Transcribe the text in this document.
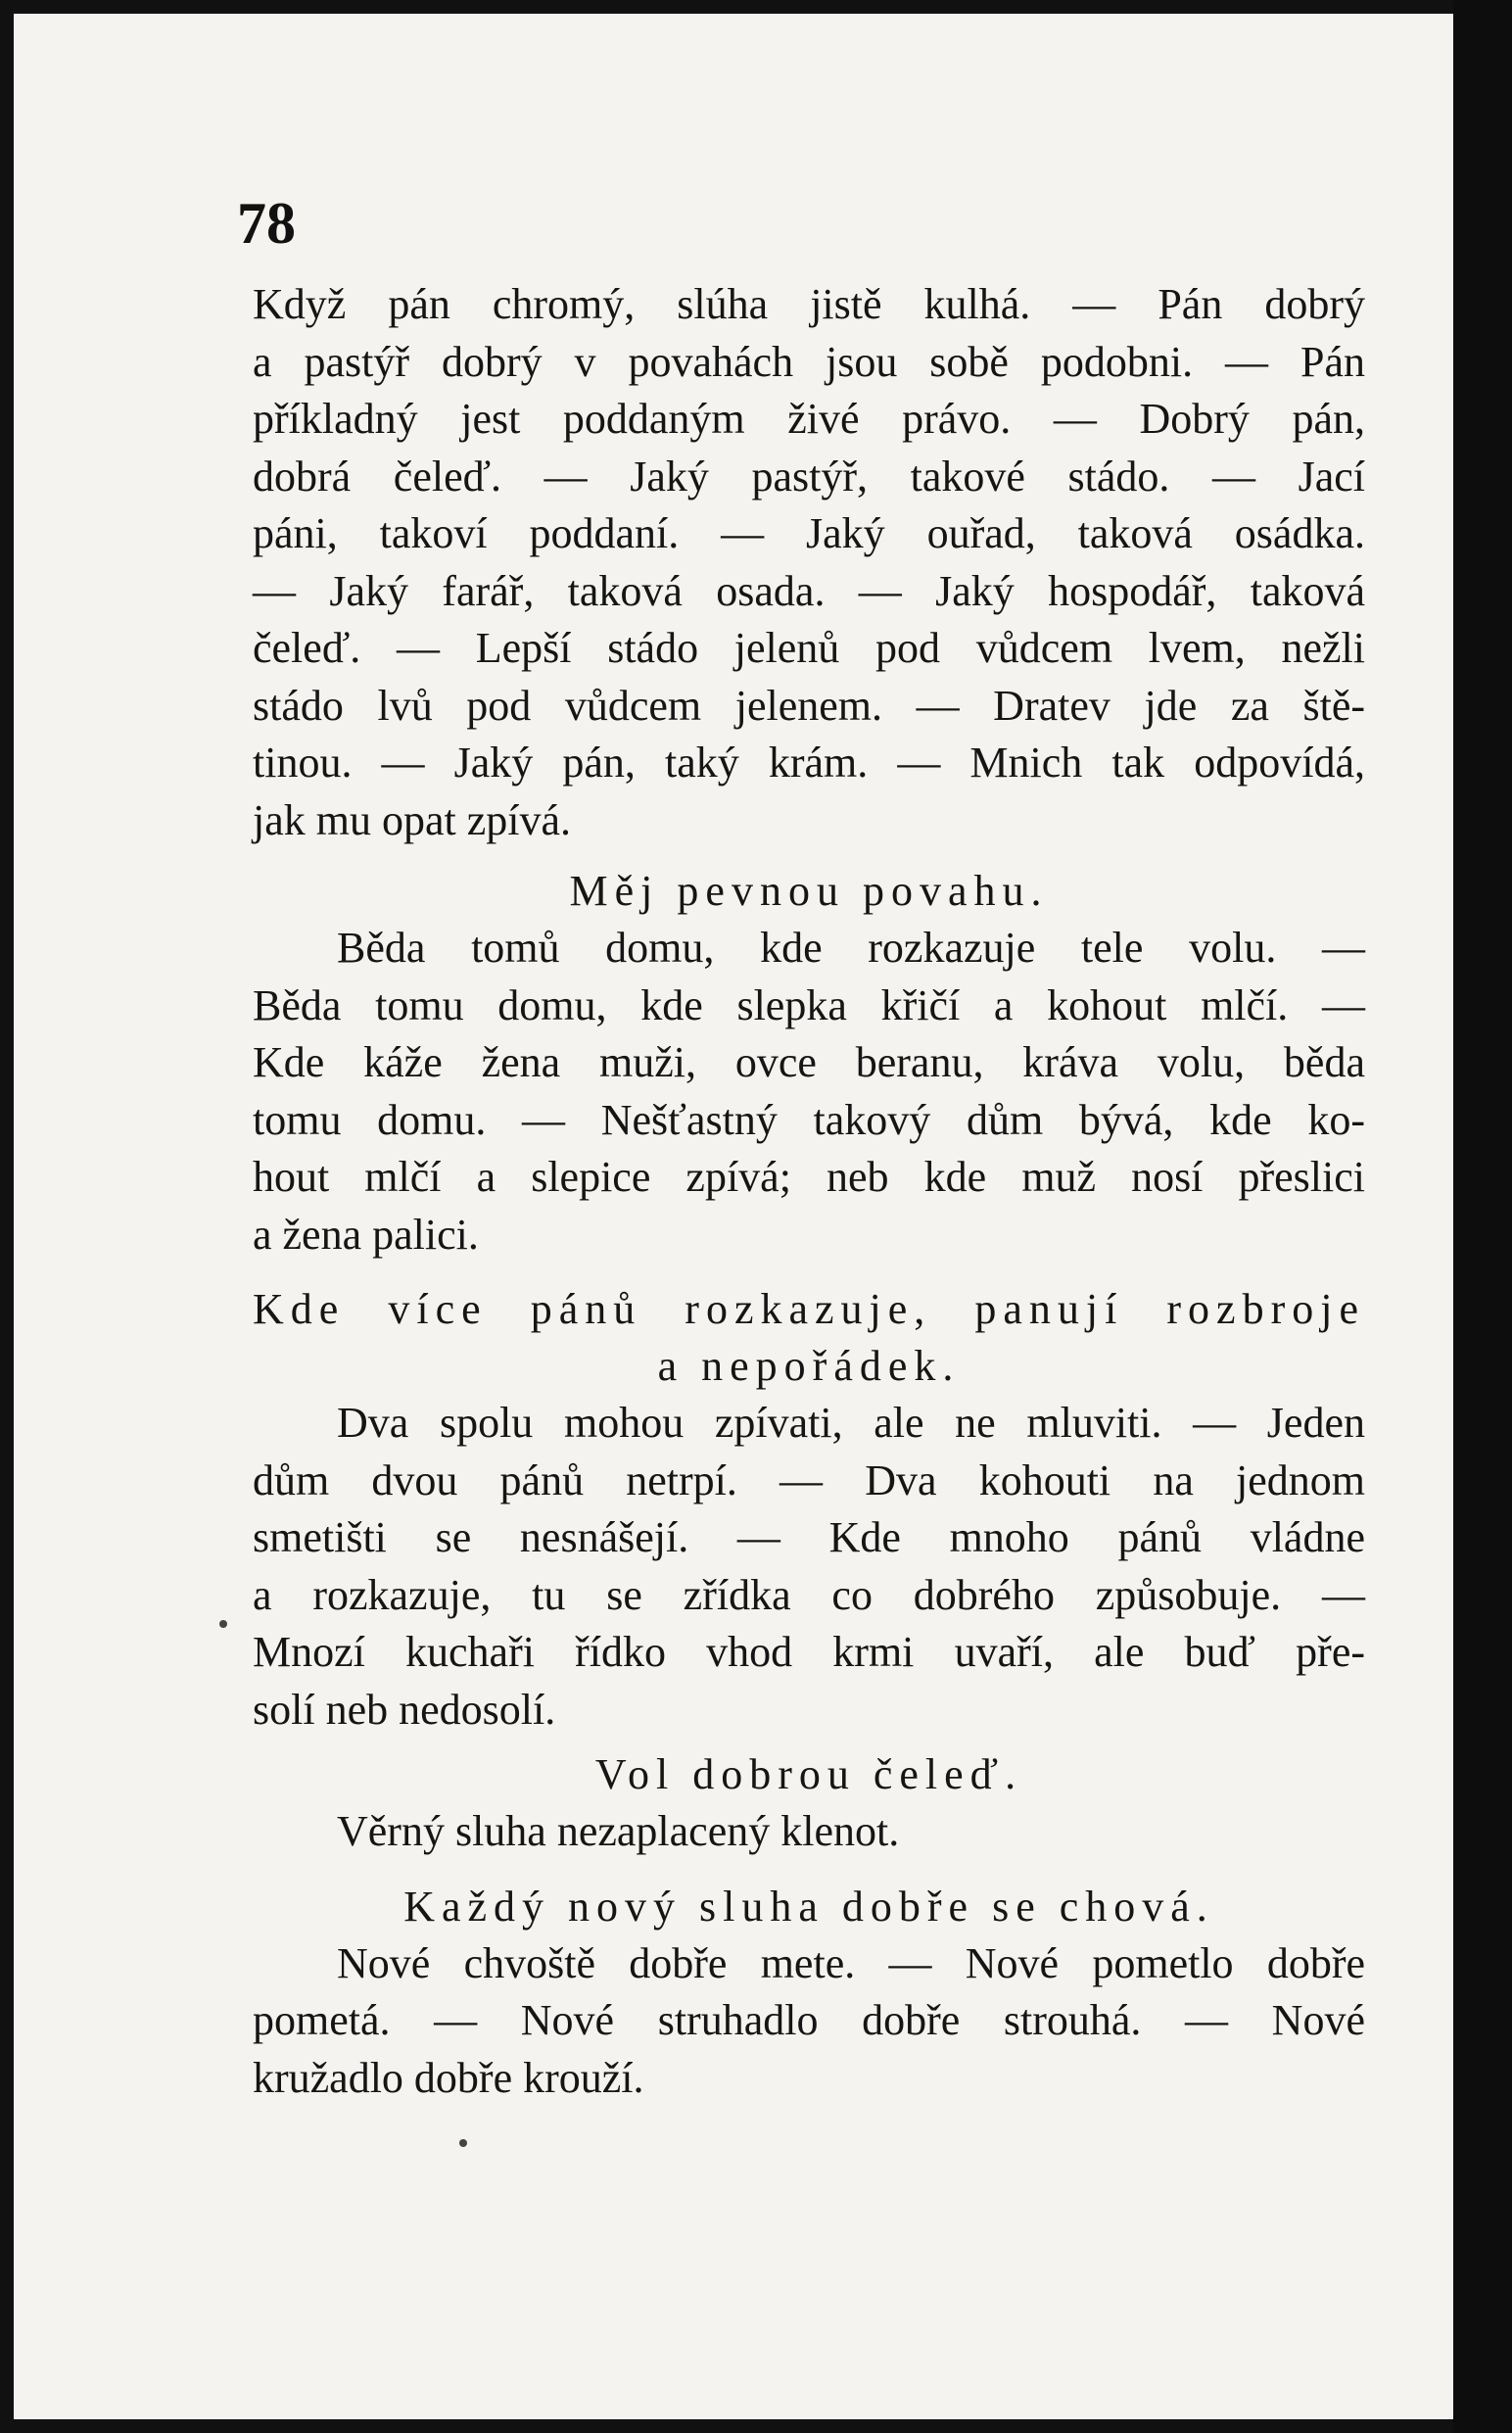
78
Když pán chromý, slúha jistě kulhá. — Pán dobrý
a pastýř dobrý v povahách jsou sobě podobni. — Pán
příkladný jest poddaným živé právo. — Dobrý pán,
dobrá čeleď. — Jaký pastýř, takové stádo. — Jací
páni, takoví poddaní. — Jaký ouřad, taková osádka.
— Jaký farář, taková osada. — Jaký hospodář, taková
čeleď. — Lepší stádo jelenů pod vůdcem lvem, nežli
stádo lvů pod vůdcem jelenem. — Dratev jde za ště-
tinou. — Jaký pán, taký krám. — Mnich tak odpovídá,
jak mu opat zpívá.
Měj pevnou povahu.
Běda tomů domu, kde rozkazuje tele volu. —
Běda tomu domu, kde slepka křičí a kohout mlčí. —
Kde káže žena muži, ovce beranu, kráva volu, běda
tomu domu. — Nešťastný takový dům bývá, kde ko-
hout mlčí a slepice zpívá; neb kde muž nosí přeslici
a žena palici.
Kde více pánů rozkazuje, panují rozbroje
a nepořádek.
Dva spolu mohou zpívati, ale ne mluviti. — Jeden
dům dvou pánů netrpí. — Dva kohouti na jednom
smetišti se nesnášejí. — Kde mnoho pánů vládne
a rozkazuje, tu se zřídka co dobrého způsobuje. —
Mnozí kuchaři řídko vhod krmi uvaří, ale buď pře-
solí neb nedosolí.
Vol dobrou čeleď.
Věrný sluha nezaplacený klenot.
Každý nový sluha dobře se chová.
Nové chvoště dobře mete. — Nové pometlo dobře
pometá. — Nové struhadlo dobře strouhá. — Nové
kružadlo dobře krouží.
